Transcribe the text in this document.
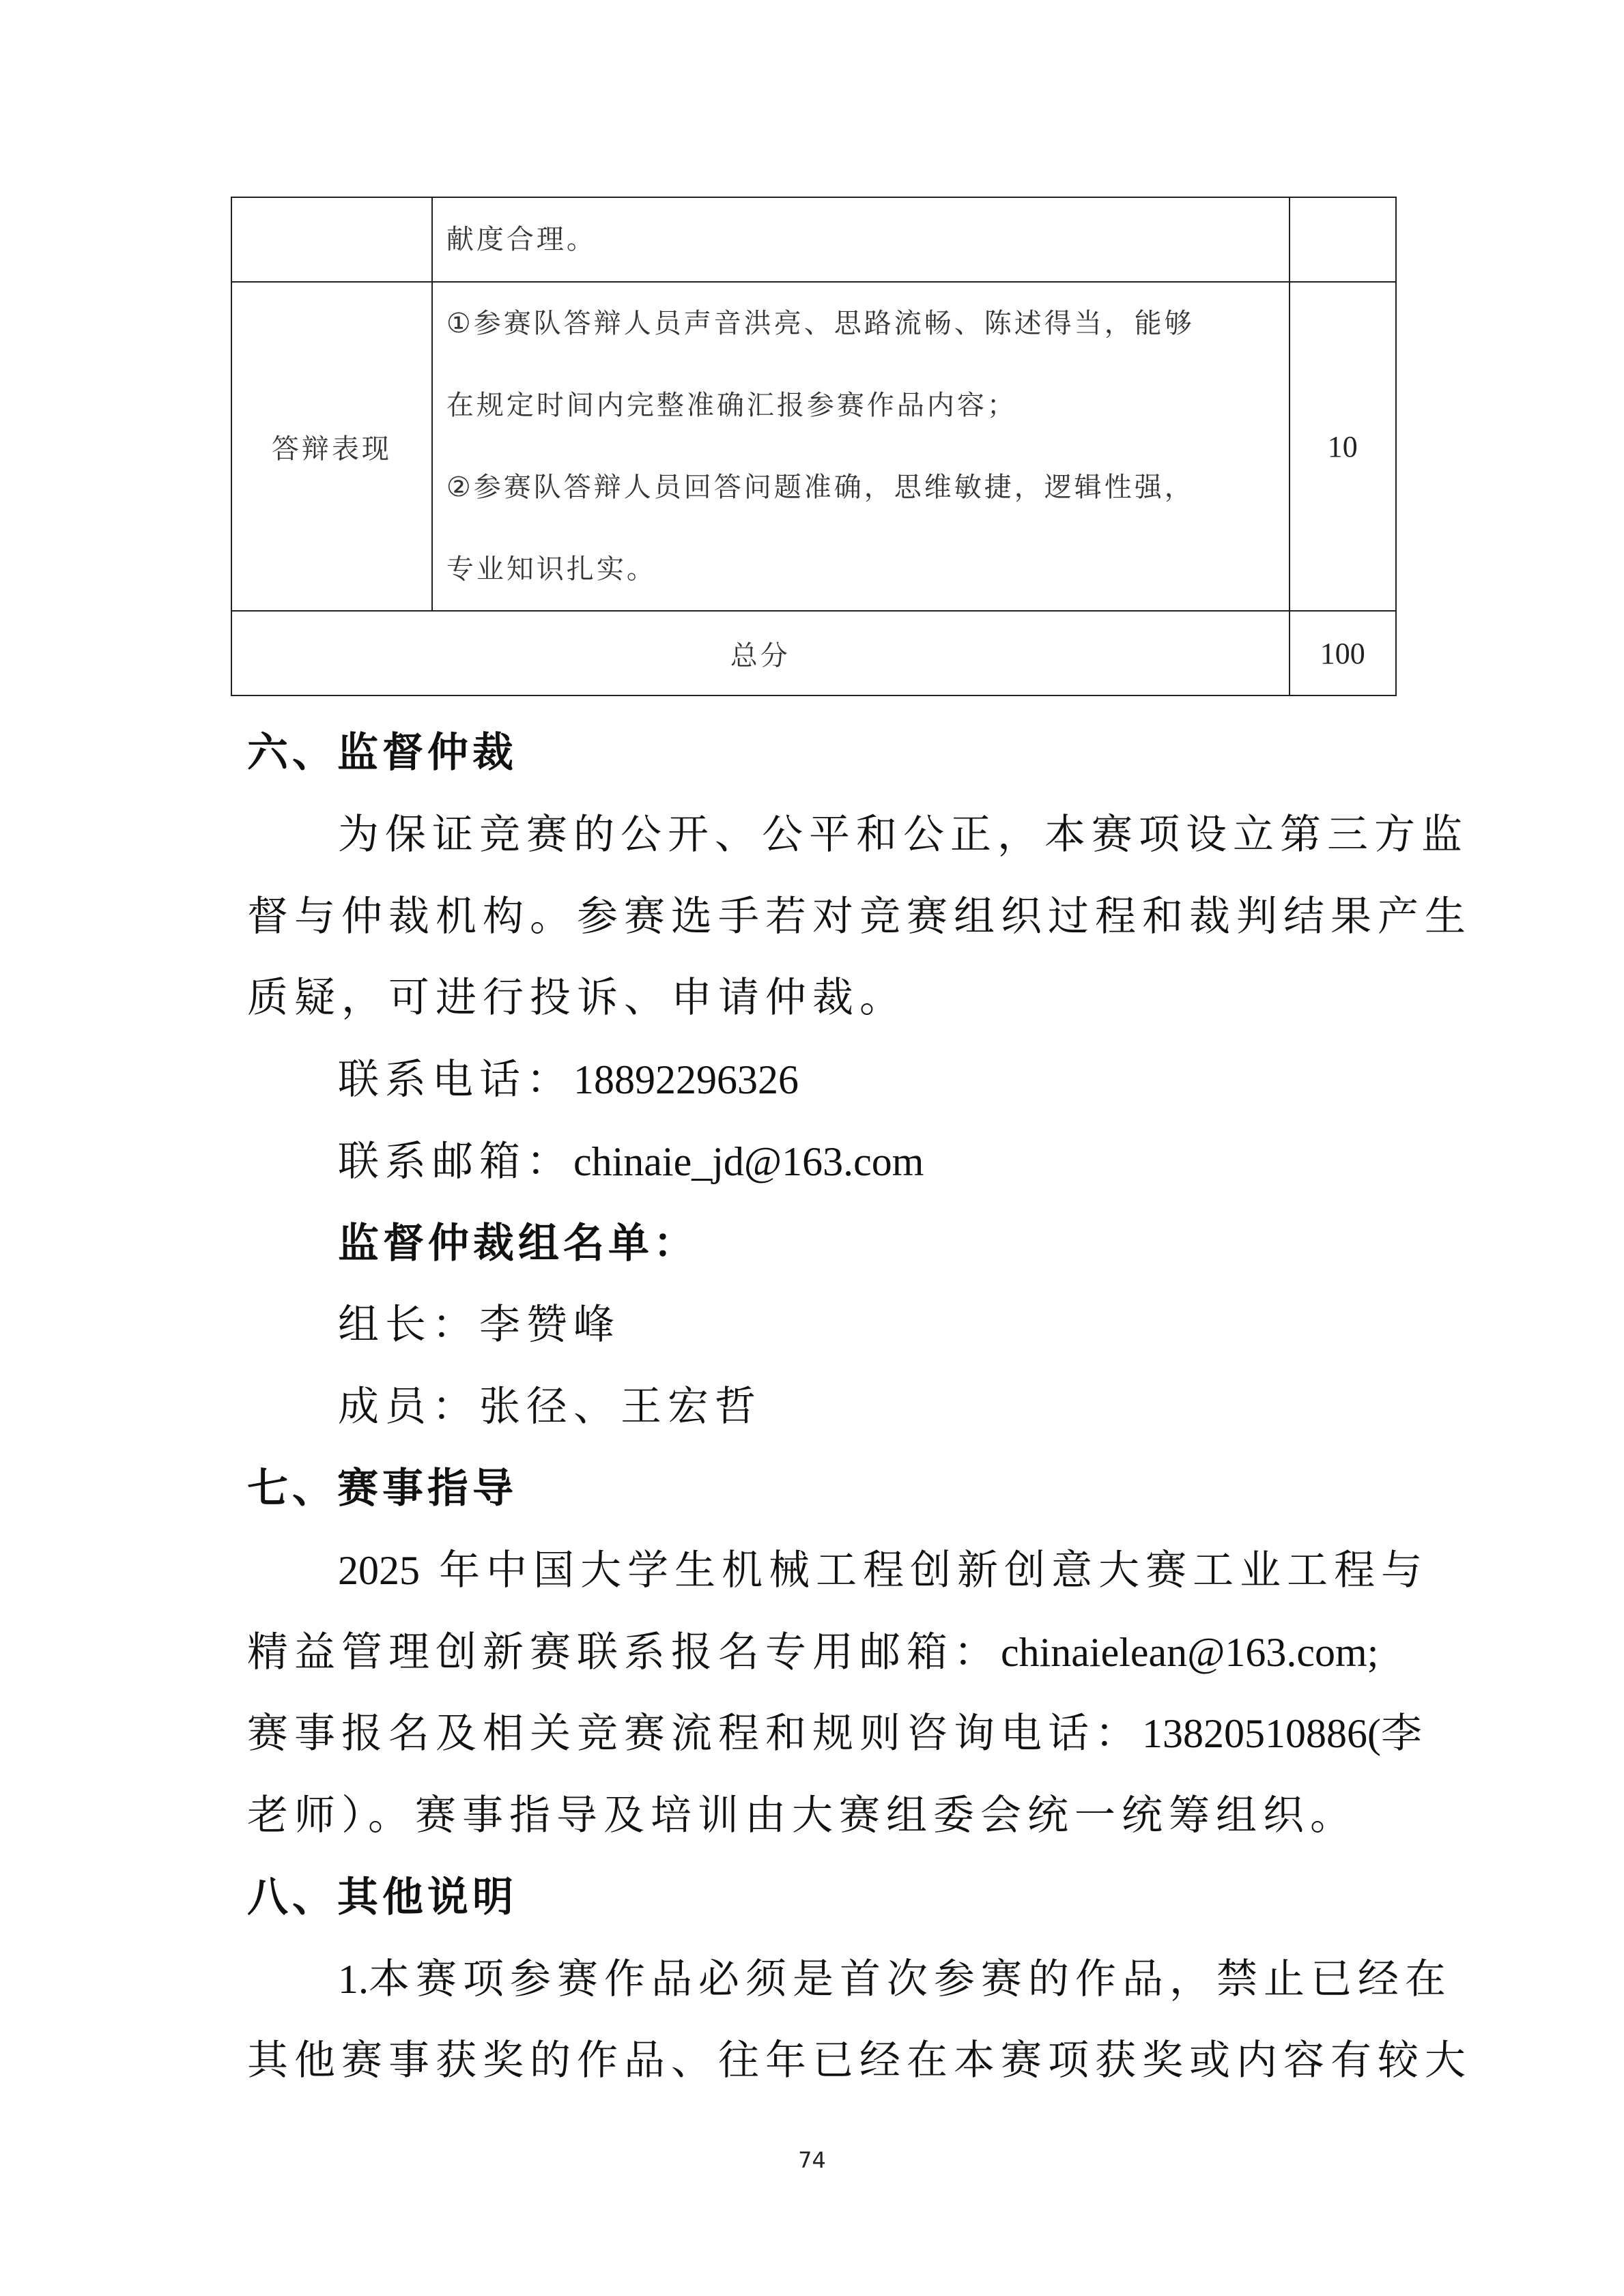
	献度合理。	

答辩表现	①参赛队答辩人员声音洪亮、思路流畅、陈述得当，能够

在规定时间内完整准确汇报参赛作品内容；

②参赛队答辩人员回答问题准确，思维敏捷，逻辑性强，

专业知识扎实。	10
总分		100

六、监督仲裁

为保证竞赛的公开、公平和公正，本赛项设立第三方监

督与仲裁机构。参赛选手若对竞赛组织过程和裁判结果产生

质疑，可进行投诉、申请仲裁。

联系电话：18892296326

联系邮箱：chinaie_jd@163.com

监督仲裁组名单：

组长：李赞峰

成员：张径、王宏哲

七、赛事指导

2025 年中国大学生机械工程创新创意大赛工业工程与

精益管理创新赛联系报名专用邮箱：chinaielean@163.com;

赛事报名及相关竞赛流程和规则咨询电话：13820510886(李

老师）。赛事指导及培训由大赛组委会统一统筹组织。

八、其他说明

1.本赛项参赛作品必须是首次参赛的作品，禁止已经在

其他赛事获奖的作品、往年已经在本赛项获奖或内容有较大

74
